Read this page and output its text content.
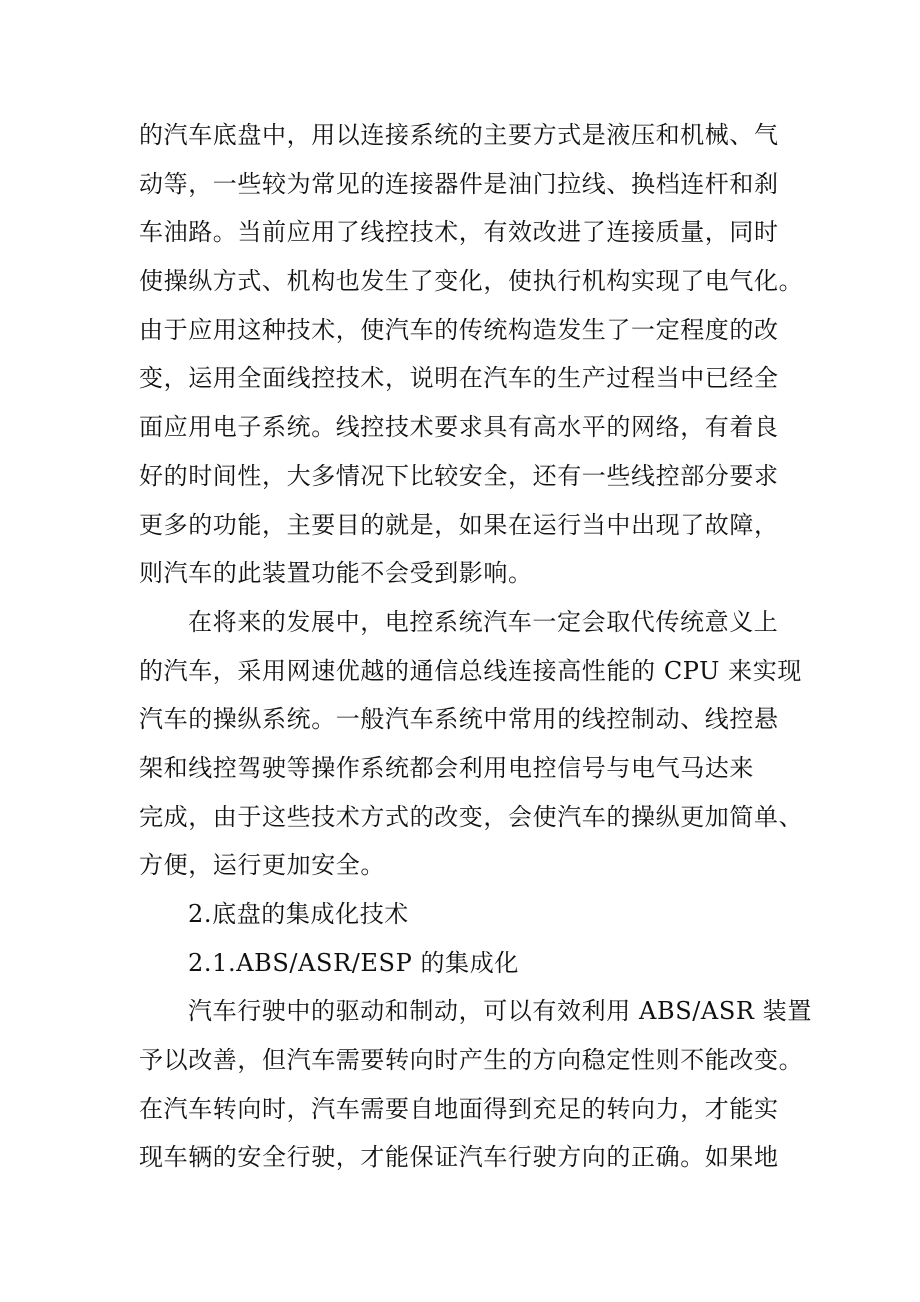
的汽车底盘中，用以连接系统的主要方式是液压和机械、气
动等，一些较为常见的连接器件是油门拉线、换档连杆和刹
车油路。当前应用了线控技术，有效改进了连接质量，同时
使操纵方式、机构也发生了变化，使执行机构实现了电气化。
由于应用这种技术，使汽车的传统构造发生了一定程度的改
变，运用全面线控技术，说明在汽车的生产过程当中已经全
面应用电子系统。线控技术要求具有高水平的网络，有着良
好的时间性，大多情况下比较安全，还有一些线控部分要求
更多的功能，主要目的就是，如果在运行当中出现了故障，
则汽车的此装置功能不会受到影响。
在将来的发展中，电控系统汽车一定会取代传统意义上
的汽车，采用网速优越的通信总线连接高性能的 CPU 来实现
汽车的操纵系统。一般汽车系统中常用的线控制动、线控悬
架和线控驾驶等操作系统都会利用电控信号与电气马达来
完成，由于这些技术方式的改变，会使汽车的操纵更加简单、
方便，运行更加安全。
2.底盘的集成化技术
2.1.ABS/ASR/ESP 的集成化
汽车行驶中的驱动和制动，可以有效利用 ABS/ASR 装置
予以改善，但汽车需要转向时产生的方向稳定性则不能改变。
在汽车转向时，汽车需要自地面得到充足的转向力，才能实
现车辆的安全行驶，才能保证汽车行驶方向的正确。如果地
